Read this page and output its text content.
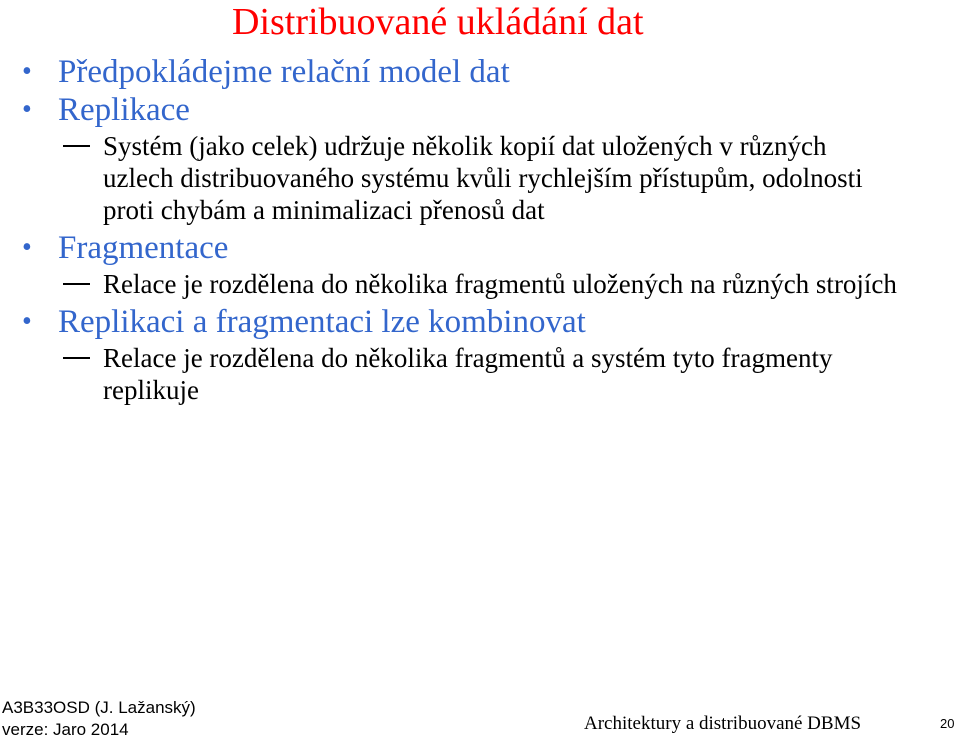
Distribuované ukládání dat
• Předpokládejme relační model dat
• Replikace
Systém (jako celek) udržuje několik kopií dat uložených v různých uzlech distribuovaného systému kvůli rychlejším přístupům, odolnosti proti chybám a minimalizaci přenosů dat
• Fragmentace
Relace je rozdělena do několika fragmentů uložených na různých strojích
• Replikaci a fragmentaci lze kombinovat
Relace je rozdělena do několika fragmentů a systém tyto fragmenty replikuje
A3B33OSD (J. Lažanský)
verze: Jaro 2014	Architektury a distribuované DBMS	20
